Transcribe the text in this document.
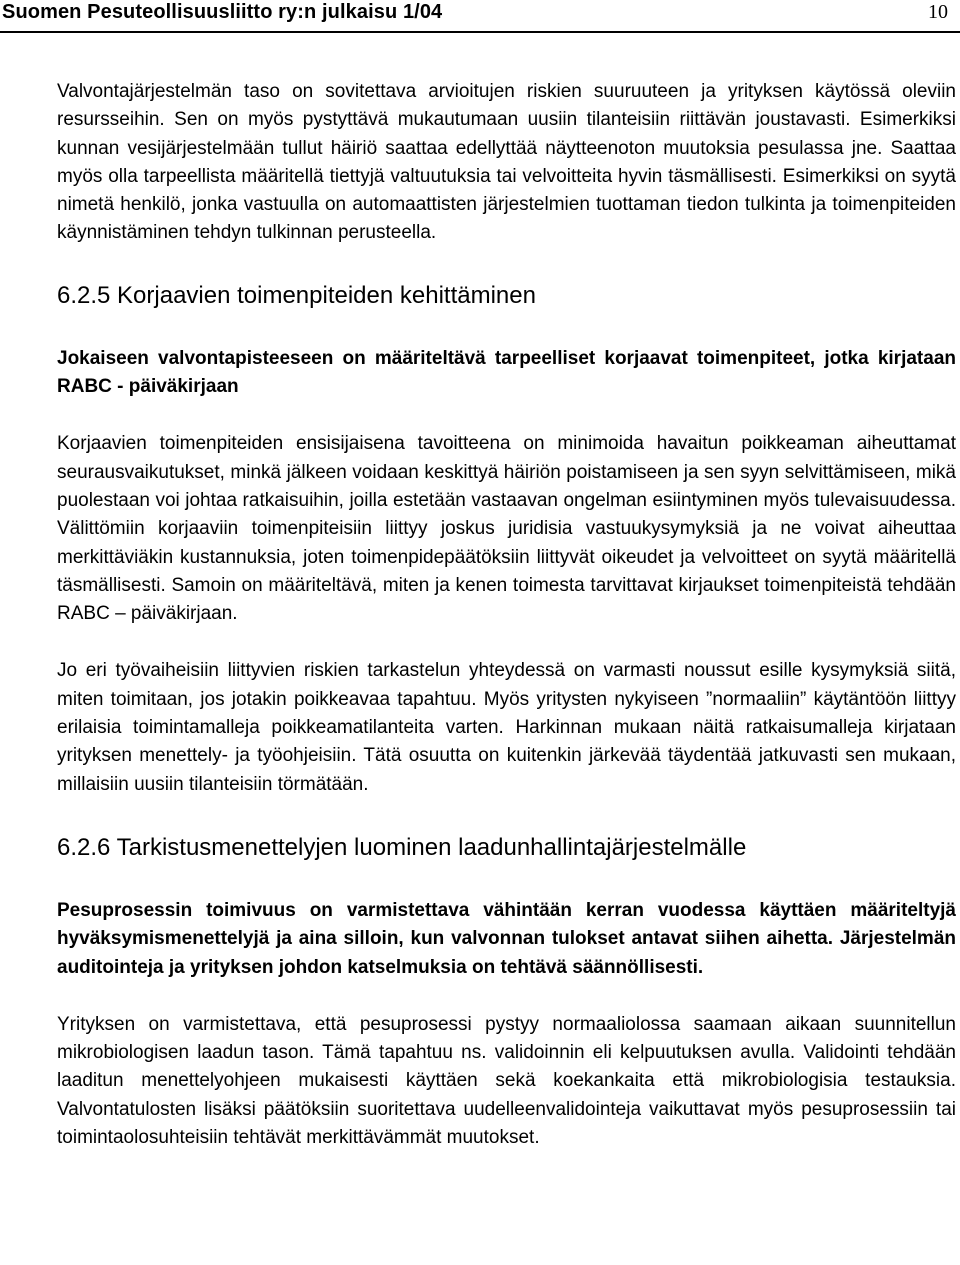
Suomen Pesuteollisuusliitto ry:n julkaisu 1/04	10

Valvontajärjestelmän taso on sovitettava arvioitujen riskien suuruuteen ja yrityksen käytössä oleviin resursseihin. Sen on myös pystyttävä mukautumaan uusiin tilanteisiin riittävän joustavasti. Esimerkiksi kunnan vesijärjestelmään tullut häiriö saattaa edellyttää näytteenoton muutoksia pesulassa jne. Saattaa myös olla tarpeellista määritellä tiettyjä valtuutuksia tai velvoitteita hyvin täsmällisesti. Esimerkiksi on syytä nimetä henkilö, jonka vastuulla on automaattisten järjestelmien tuottaman tiedon tulkinta ja toimenpiteiden käynnistäminen tehdyn tulkinnan perusteella.

6.2.5 Korjaavien toimenpiteiden kehittäminen

Jokaiseen valvontapisteeseen on määriteltävä tarpeelliset korjaavat toimenpiteet, jotka kirjataan RABC - päiväkirjaan

Korjaavien toimenpiteiden ensisijaisena tavoitteena on minimoida havaitun poikkeaman aiheuttamat seurausvaikutukset, minkä jälkeen voidaan keskittyä häiriön poistamiseen ja sen syyn selvittämiseen, mikä puolestaan voi johtaa ratkaisuihin, joilla estetään vastaavan ongelman esiintyminen myös tulevaisuudessa. Välittömiin korjaaviin toimenpiteisiin liittyy joskus juridisia vastuukysymyksiä ja ne voivat aiheuttaa merkittäviäkin kustannuksia, joten toimenpidepäätöksiin liittyvät oikeudet ja velvoitteet on syytä määritellä täsmällisesti. Samoin on määriteltävä, miten ja kenen toimesta tarvittavat kirjaukset toimenpiteistä tehdään RABC – päiväkirjaan.

Jo eri työvaiheisiin liittyvien riskien tarkastelun yhteydessä on varmasti noussut esille kysymyksiä siitä, miten toimitaan, jos jotakin poikkeavaa tapahtuu. Myös yritysten nykyiseen ”normaaliin” käytäntöön liittyy erilaisia toimintamalleja poikkeamatilanteita varten. Harkinnan mukaan näitä ratkaisumalleja kirjataan yrityksen menettely- ja työohjeisiin. Tätä osuutta on kuitenkin järkevää täydentää jatkuvasti sen mukaan, millaisiin uusiin tilanteisiin törmätään.

6.2.6 Tarkistusmenettelyjen luominen laadunhallintajärjestelmälle

Pesuprosessin toimivuus on varmistettava vähintään kerran vuodessa käyttäen määriteltyjä hyväksymismenettelyjä ja aina silloin, kun valvonnan tulokset antavat siihen aihetta. Järjestelmän auditointeja ja yrityksen johdon katselmuksia on tehtävä säännöllisesti.

Yrityksen on varmistettava, että pesuprosessi pystyy normaaliolossa saamaan aikaan suunnitellun mikrobiologisen laadun tason. Tämä tapahtuu ns. validoinnin eli kelpuutuksen avulla. Validointi tehdään laaditun menettelyohjeen mukaisesti käyttäen sekä koekankaita että mikrobiologisia testauksia. Valvontatulosten lisäksi päätöksiin suoritettava uudelleenvalidointeja vaikuttavat myös pesuprosessiin tai toimintaolosuhteisiin tehtävät merkittävämmät muutokset.
